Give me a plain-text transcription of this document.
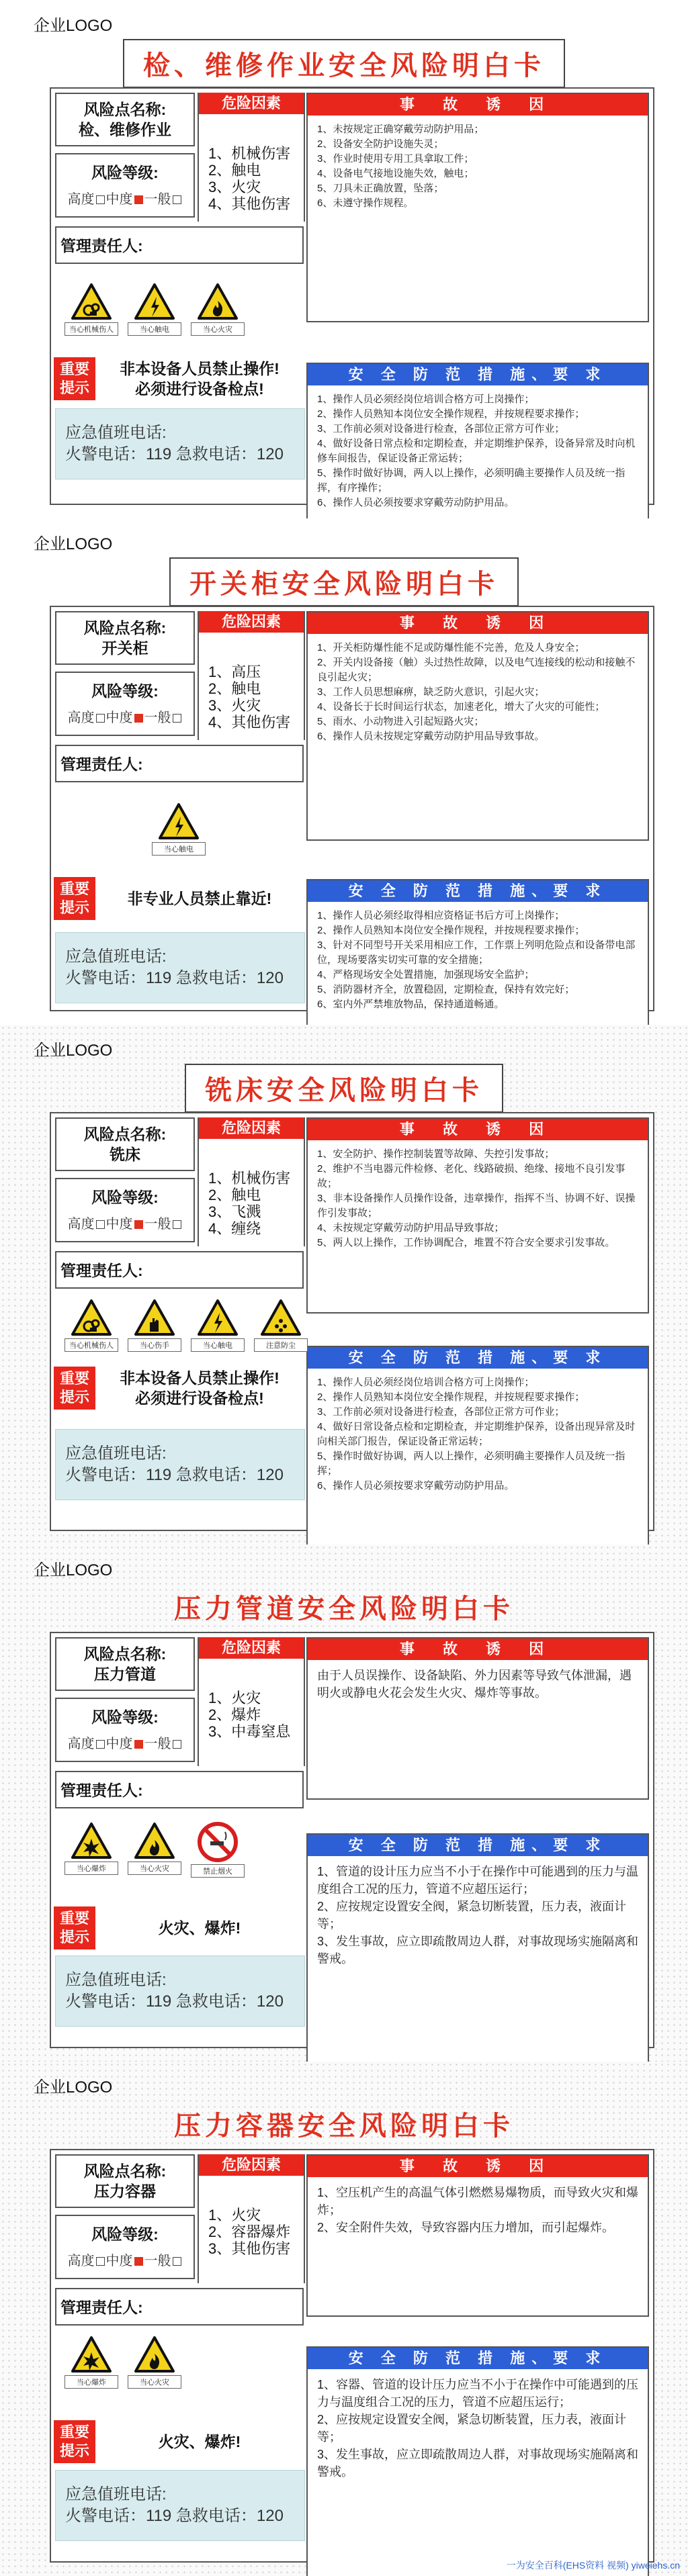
企业LOGO
检、维修作业安全风险明白卡
风险点名称:
检、维修作业
风险等级:
高度 中度 一般
管理责任人:
危险因素
1、机械伤害
2、触电
3、火灾
4、其他伤害
事 故 诱 因

1、未按规定正确穿戴劳动防护用品；

2、设备安全防护设施失灵；

3、作业时使用专用工具拿取工件；

4、设备电气接地设施失效，触电；

5、刀具未正确放置，坠落；

6、未遵守操作规程。

安 全 防 范 措 施、要 求

1、操作人员必须经岗位培训合格方可上岗操作；

2、操作人员熟知本岗位安全操作规程，并按规程要求操作；

3、工作前必须对设备进行检查，各部位正常方可作业；

4、做好设备日常点检和定期检查，并定期维护保养，设备异常及时向机修车间报告，保证设备正常运转；

5、操作时做好协调，两人以上操作，必须明确主要操作人员及统一指挥，有序操作；

6、操作人员必须按要求穿戴劳动防护用品。

当心机械伤人	当心触电	当心火灾
重要
提示
非本设备人员禁止操作!
必须进行设备检点!
应急值班电话:
火警电话：119 急救电话：120
企业LOGO
开关柜安全风险明白卡
风险点名称:
开关柜
风险等级:
高度 中度 一般
管理责任人:
危险因素
1、高压
2、触电
3、火灾
4、其他伤害
事 故 诱 因

1、开关柜防爆性能不足或防爆性能不完善，危及人身安全；

2、开关内设备接（触）头过热性故障，以及电气连接线的松动和接触不良引起火灾；

3、工作人员思想麻痹，缺乏防火意识，引起火灾；

4、设备长于长时间运行状态，加速老化，增大了火灾的可能性；

5、雨水、小动物进入引起短路火灾；

6、操作人员未按规定穿戴劳动防护用品导致事故。

安 全 防 范 措 施、要 求

1、操作人员必须经取得相应资格证书后方可上岗操作；

2、操作人员熟知本岗位安全操作规程，并按规程要求操作；

3、针对不同型号开关采用相应工作，工作票上列明危险点和设备带电部位，现场要落实切实可靠的安全措施；

4、严格现场安全处置措施，加强现场安全监护；

5、消防器材齐全，放置稳固，定期检查，保持有效完好；

6、室内外严禁堆放物品，保持通道畅通。

当心触电
重要
提示
非专业人员禁止靠近!
应急值班电话:
火警电话：119 急救电话：120
企业LOGO
铣床安全风险明白卡
风险点名称:
铣床
风险等级:
高度 中度 一般
管理责任人:
危险因素
1、机械伤害
2、触电
3、飞溅
4、缠绕
事 故 诱 因

1、安全防护、操作控制装置等故障、失控引发事故；

2、维护不当电器元件检修、老化、线路破损、绝缘、接地不良引发事故；

3、非本设备操作人员操作设备，违章操作，指挥不当、协调不好、误操作引发事故；

4、未按规定穿戴劳动防护用品导致事故；

5、两人以上操作，工作协调配合，堆置不符合安全要求引发事故。

安 全 防 范 措 施、要 求

1、操作人员必须经岗位培训合格方可上岗操作；

2、操作人员熟知本岗位安全操作规程，并按规程要求操作；

3、工作前必须对设备进行检查，各部位正常方可作业；

4、做好日常设备点检和定期检查，并定期维护保养，设备出现异常及时向相关部门报告，保证设备正常运转；

5、操作时做好协调，两人以上操作，必须明确主要操作人员及统一指挥；

6、操作人员必须按要求穿戴劳动防护用品。

当心机械伤人	当心伤手	当心触电	注意防尘
重要
提示
非本设备人员禁止操作!
必须进行设备检点!
应急值班电话:
火警电话：119 急救电话：120
企业LOGO
压力管道安全风险明白卡
风险点名称:
压力管道
风险等级:
高度 中度 一般
管理责任人:
危险因素
1、火灾
2、爆炸
3、中毒窒息
事 故 诱 因

由于人员误操作、设备缺陷、外力因素等导致气体泄漏，遇明火或静电火花会发生火灾、爆炸等事故。

安 全 防 范 措 施、要 求

1、管道的设计压力应当不小于在操作中可能遇到的压力与温度组合工况的压力，管道不应超压运行；

2、应按规定设置安全阀，紧急切断装置，压力表，液面计等；

3、发生事故，应立即疏散周边人群，对事故现场实施隔离和警戒。

当心爆炸	当心火灾	禁止烟火
重要
提示
火灾、爆炸!
应急值班电话:
火警电话：119 急救电话：120
企业LOGO
压力容器安全风险明白卡
风险点名称:
压力容器
风险等级:
高度 中度 一般
管理责任人:
危险因素
1、火灾
2、容器爆炸
3、其他伤害
事 故 诱 因

1、空压机产生的高温气体引燃燃易爆物质，而导致火灾和爆炸；

2、安全附件失效，导致容器内压力增加，而引起爆炸。

安 全 防 范 措 施、要 求

1、容器、管道的设计压力应当不小于在操作中可能遇到的压力与温度组合工况的压力，管道不应超压运行；

2、应按规定设置安全阀，紧急切断装置，压力表，液面计等；

3、发生事故，应立即疏散周边人群，对事故现场实施隔离和警戒。

当心爆炸	当心火灾
重要
提示
火灾、爆炸!
应急值班电话:
火警电话：119 急救电话：120
一为安全百科(EHS资料 视频) yiweiehs.cn
